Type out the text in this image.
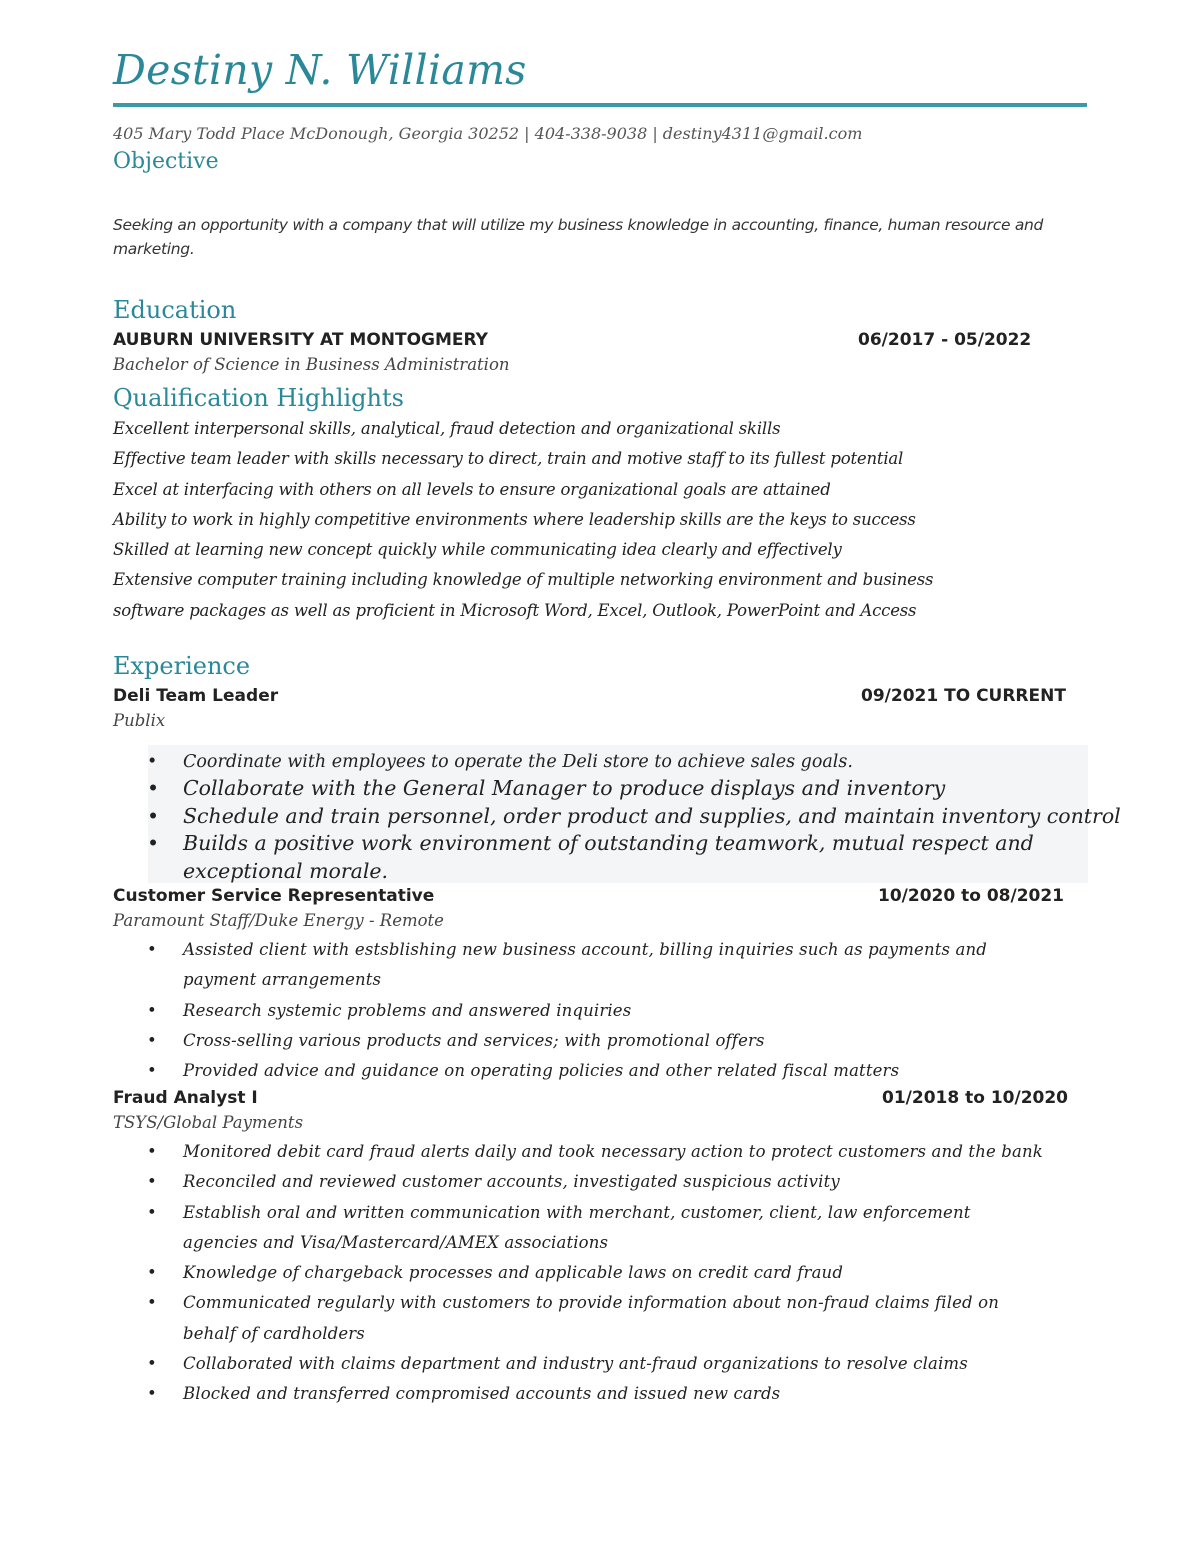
Destiny N. Williams
405 Mary Todd Place McDonough, Georgia 30252 | 404-338-9038 | destiny4311@gmail.com
Objective
Seeking an opportunity with a company that will utilize my business knowledge in accounting, finance, human resource and marketing.
Education
AUBURN UNIVERSITY AT MONTOGMERY	06/2017 - 05/2022
Bachelor of Science in Business Administration
Qualification Highlights
Excellent interpersonal skills, analytical, fraud detection and organizational skills
Effective team leader with skills necessary to direct, train and motive staff to its fullest potential
Excel at interfacing with others on all levels to ensure organizational goals are attained
Ability to work in highly competitive environments where leadership skills are the keys to success
Skilled at learning new concept quickly while communicating idea clearly and effectively
Extensive computer training including knowledge of multiple networking environment and business
software packages as well as proficient in Microsoft Word, Excel, Outlook, PowerPoint and Access
Experience
Deli Team Leader	09/2021 TO CURRENT
Publix
• Coordinate with employees to operate the Deli store to achieve sales goals.
• Collaborate with the General Manager to produce displays and inventory
• Schedule and train personnel, order product and supplies, and maintain inventory control
• Builds a positive work environment of outstanding teamwork, mutual respect and
exceptional morale.
Customer Service Representative	10/2020 to 08/2021
Paramount Staff/Duke Energy - Remote
• Assisted client with estsblishing new business account, billing inquiries such as payments and
payment arrangements
• Research systemic problems and answered inquiries
• Cross-selling various products and services; with promotional offers
• Provided advice and guidance on operating policies and other related fiscal matters
Fraud Analyst I	01/2018 to 10/2020
TSYS/Global Payments
• Monitored debit card fraud alerts daily and took necessary action to protect customers and the bank
• Reconciled and reviewed customer accounts, investigated suspicious activity
• Establish oral and written communication with merchant, customer, client, law enforcement
agencies and Visa/Mastercard/AMEX associations
• Knowledge of chargeback processes and applicable laws on credit card fraud
• Communicated regularly with customers to provide information about non-fraud claims filed on
behalf of cardholders
• Collaborated with claims department and industry ant-fraud organizations to resolve claims
• Blocked and transferred compromised accounts and issued new cards
